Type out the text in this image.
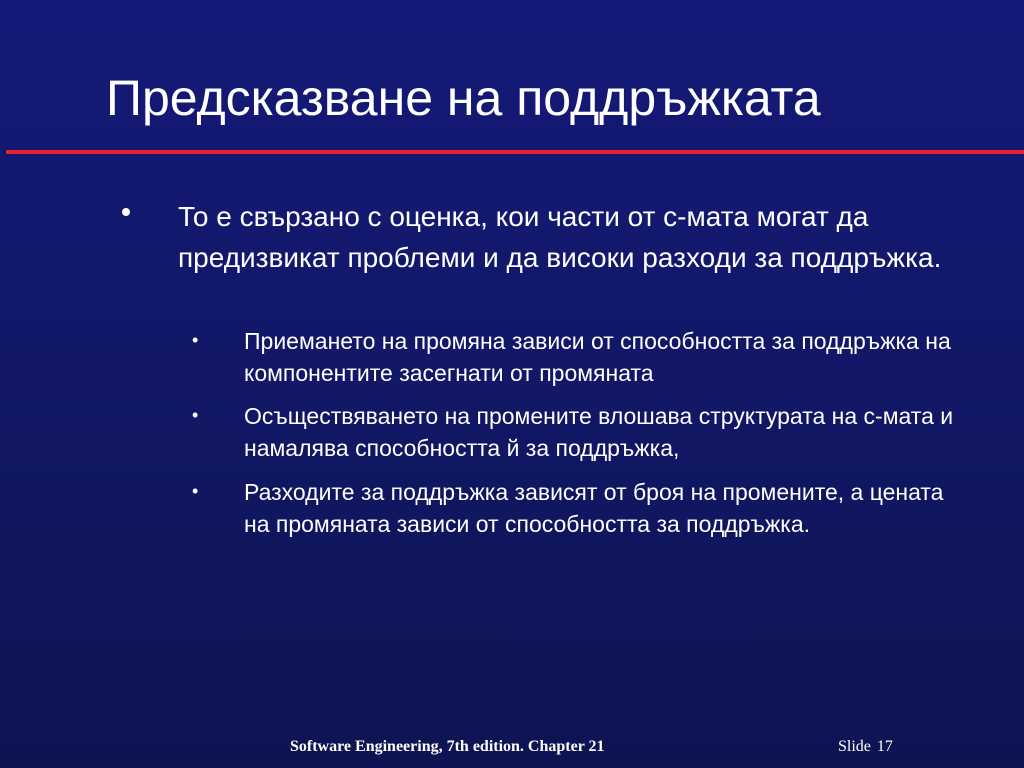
Предсказване на поддръжката
То е свързано с оценка, кои части от с-мата могат да предизвикат проблеми и да високи разходи за поддръжка.
• Приемането на промяна зависи от способността за поддръжка на компонентите засегнати от промяната
• Осъществяването на промените влошава структурата на с-мата и намалява способността й за поддръжка,
• Разходите за поддръжка зависят от броя на промените, а цената на промяната зависи от способността за поддръжка.
Software Engineering, 7th edition. Chapter 21	Slide 17
